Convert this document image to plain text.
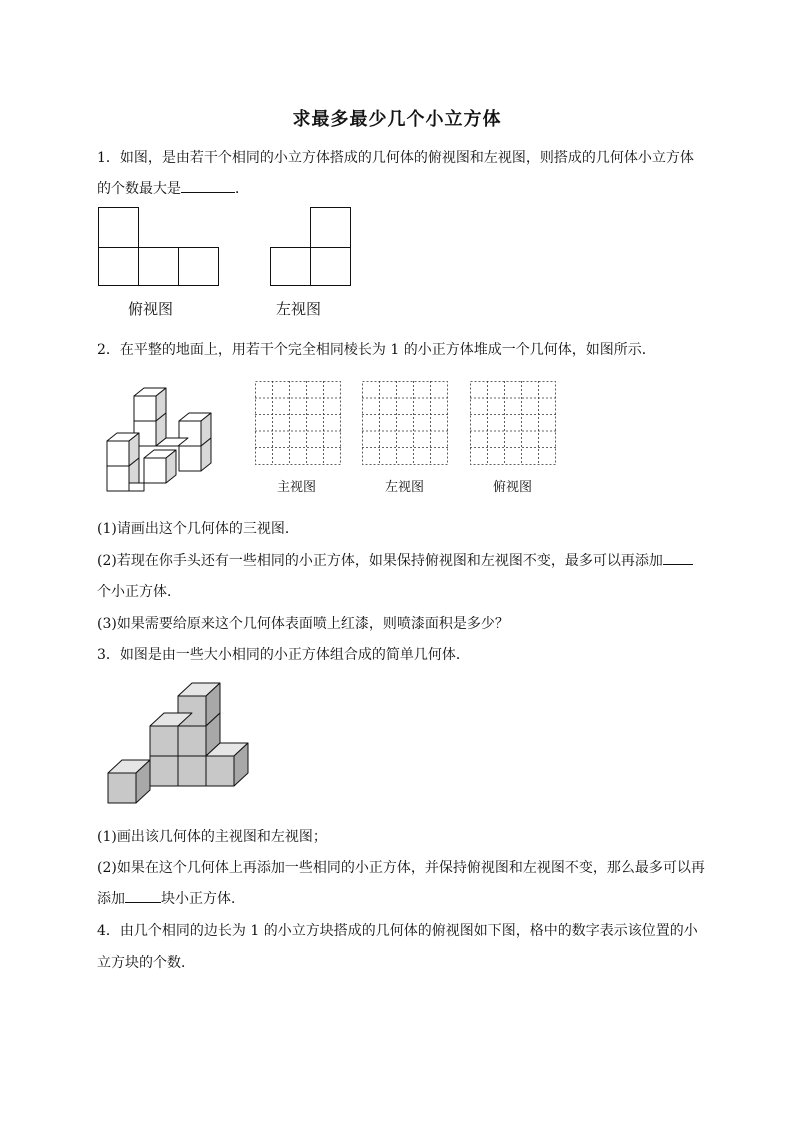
求最多最少几个小立方体
1．如图，是由若干个相同的小立方体搭成的几何体的俯视图和左视图，则搭成的几何体小立方体
的个数最大是	．
俯视图	左视图
2．在平整的地面上，用若干个完全相同棱长为 1 的小正方体堆成一个几何体，如图所示．
主视图	左视图	俯视图
(1)请画出这个几何体的三视图．
(2)若现在你手头还有一些相同的小正方体，如果保持俯视图和左视图不变，最多可以再添加
个小正方体．
(3)如果需要给原来这个几何体表面喷上红漆，则喷漆面积是多少？
3．如图是由一些大小相同的小正方体组合成的简单几何体．
(1)画出该几何体的主视图和左视图；
(2)如果在这个几何体上再添加一些相同的小正方体，并保持俯视图和左视图不变，那么最多可以再
添加	块小正方体．
4．由几个相同的边长为 1 的小立方块搭成的几何体的俯视图如下图，格中的数字表示该位置的小
立方块的个数．
